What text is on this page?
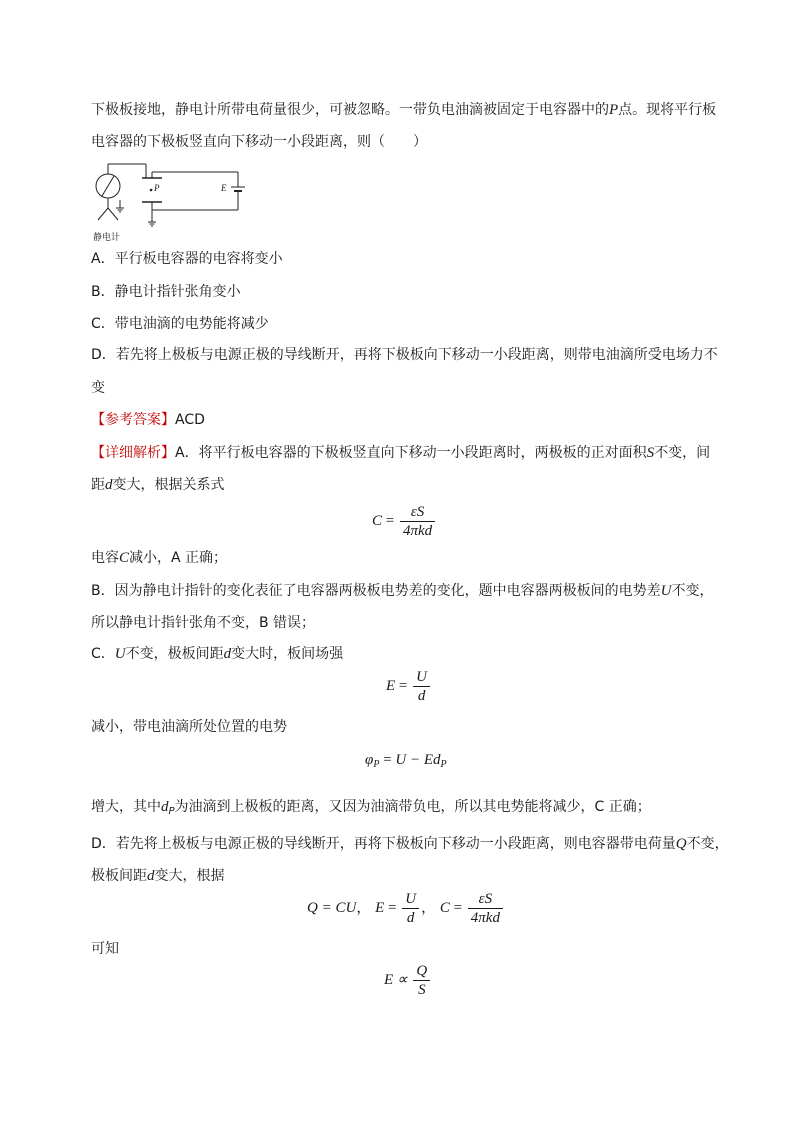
下极板接地，静电计所带电荷量很少，可被忽略。一带负电油滴被固定于电容器中的P点。现将平行板
电容器的下极板竖直向下移动一小段距离，则（　　）
P	E
静电计
A．平行板电容器的电容将变小
B．静电计指针张角变小
C．带电油滴的电势能将减少
D．若先将上极板与电源正极的导线断开，再将下极板向下移动一小段距离，则带电油滴所受电场力不
变
【参考答案】ACD
【详细解析】A．将平行板电容器的下极板竖直向下移动一小段距离时，两极板的正对面积S不变，间
距d变大，根据关系式
$C = \frac{\varepsilon S}{\text{4πkd}}$
电容C减小，A 正确；
B．因为静电计指针的变化表征了电容器两极板电势差的变化，题中电容器两极板间的电势差U不变，
所以静电计指针张角不变，B 错误；
C．U不变，极板间距d变大时，板间场强
$E = \frac{U}{d}$
减小，带电油滴所处位置的电势
$\varphi_P = U - Ed_P$
增大，其中$d_P$为油滴到上极板的距离，又因为油滴带负电，所以其电势能将减少，C 正确；
D．若先将上极板与电源正极的导线断开，再将下极板向下移动一小段距离，则电容器带电荷量Q不变，
极板间距d变大，根据
Q = CU， $E = \frac{U}{d}$ ， $C = \frac{\varepsilon S}{\text{4πkd}}$
可知
$E \propto \frac{Q}{S}$
